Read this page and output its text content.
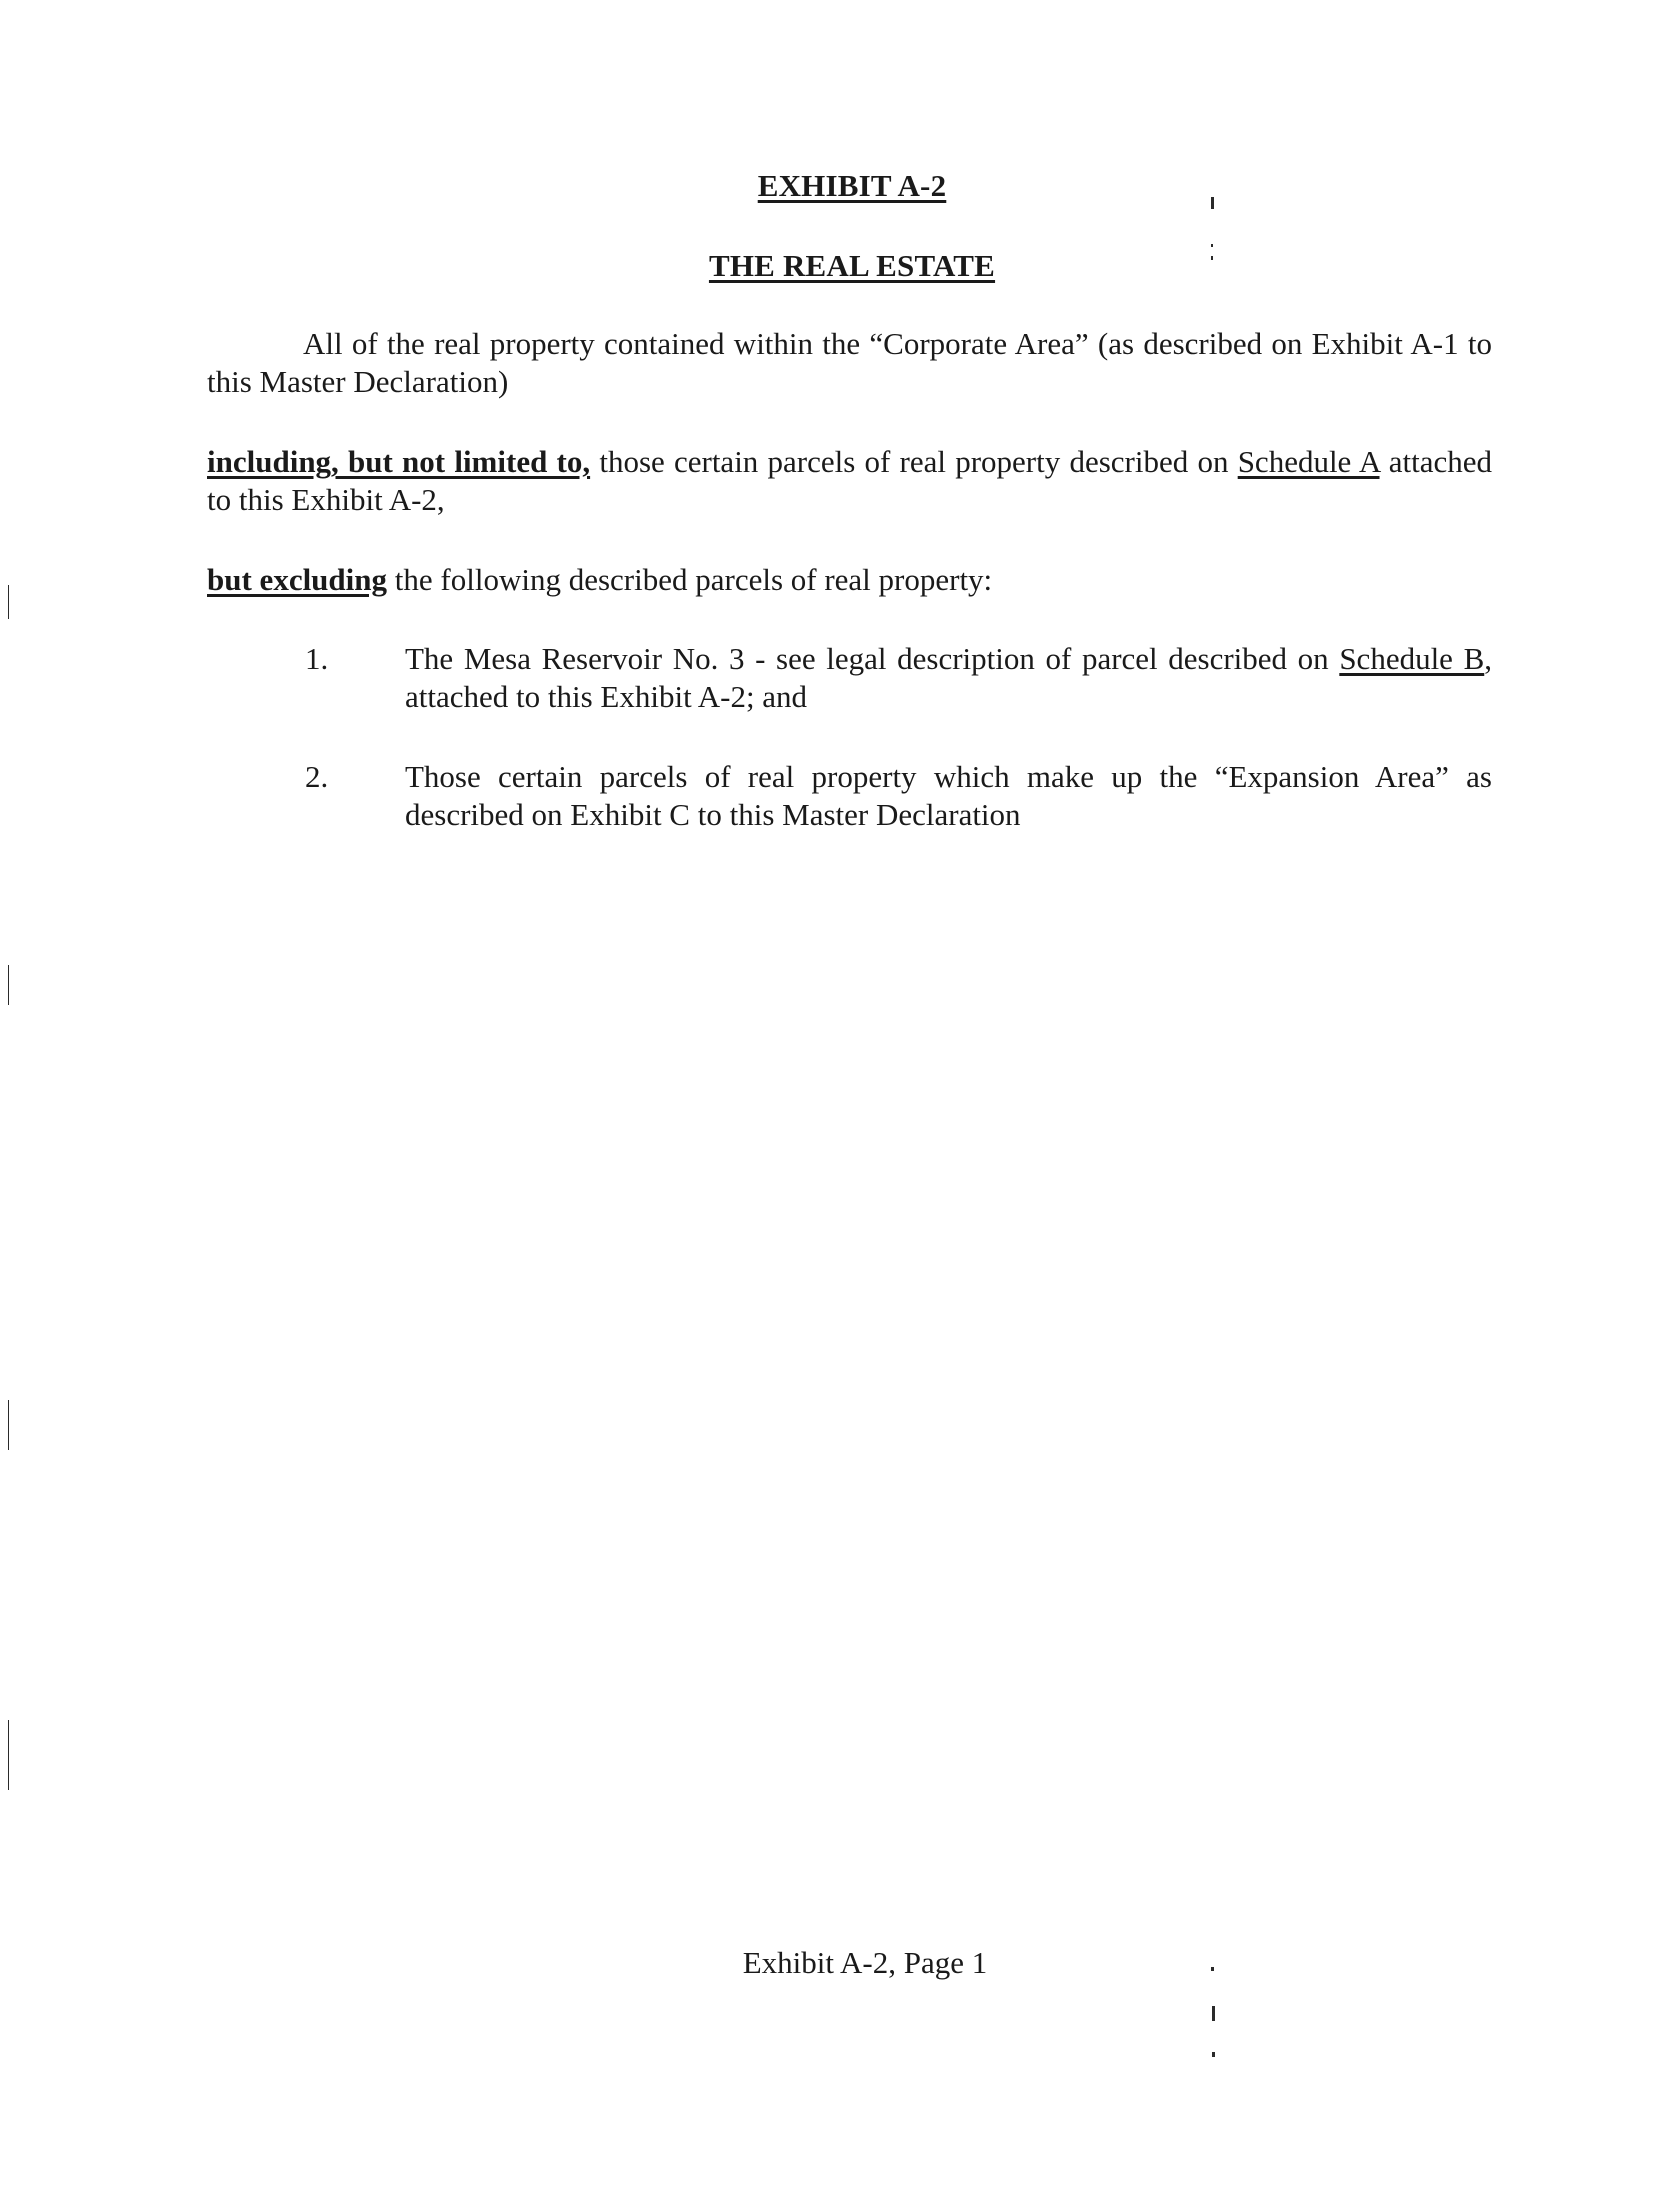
EXHIBIT A-2
THE REAL ESTATE
All of the real property contained within the “Corporate Area” (as described on Exhibit A-1 to this Master Declaration)
including, but not limited to, those certain parcels of real property described on Schedule A attached to this Exhibit A-2,
but excluding the following described parcels of real property:
1. The Mesa Reservoir No. 3 - see legal description of parcel described on Schedule B, attached to this Exhibit A-2; and
2. Those certain parcels of real property which make up the “Expansion Area” as described on Exhibit C to this Master Declaration
Exhibit A-2, Page 1
